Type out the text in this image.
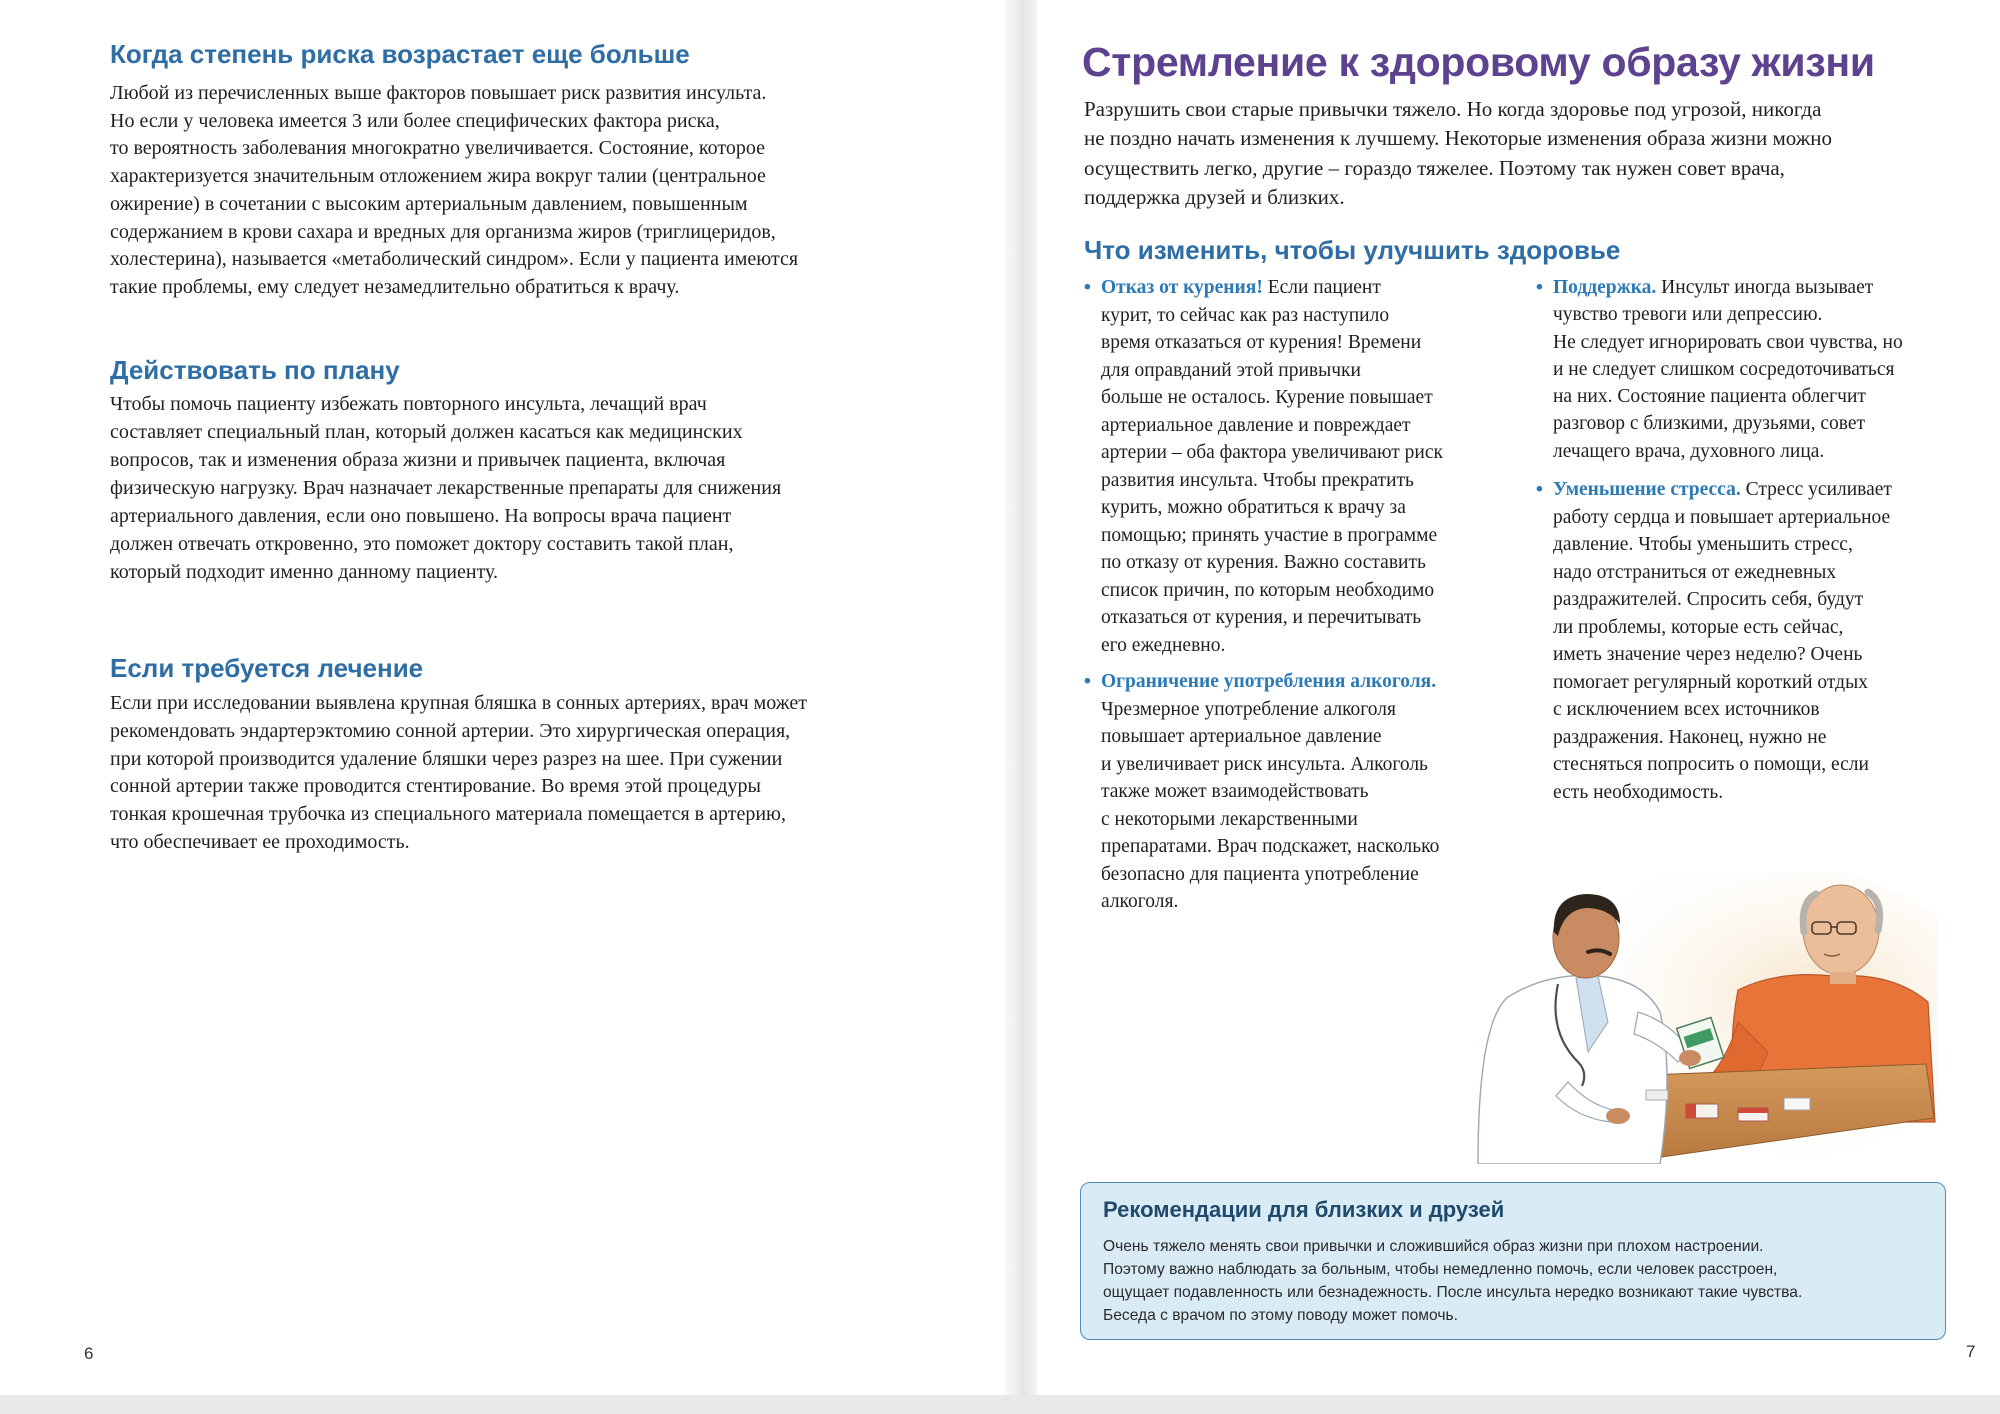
Когда степень риска возрастает еще больше
Любой из перечисленных выше факторов повышает риск развития инсульта.
Но если у человека имеется 3 или более специфических фактора риска,
то вероятность заболевания многократно увеличивается. Состояние, которое
характеризуется значительным отложением жира вокруг талии (центральное
ожирение) в сочетании с высоким артериальным давлением, повышенным
содержанием в крови сахара и вредных для организма жиров (триглицеридов,
холестерина), называется «метаболический синдром». Если у пациента имеются
такие проблемы, ему следует незамедлительно обратиться к врачу.
Действовать по плану
Чтобы помочь пациенту избежать повторного инсульта, лечащий врач
составляет специальный план, который должен касаться как медицинских
вопросов, так и изменения образа жизни и привычек пациента, включая
физическую нагрузку. Врач назначает лекарственные препараты для снижения
артериального давления, если оно повышено. На вопросы врача пациент
должен отвечать откровенно, это поможет доктору составить такой план,
который подходит именно данному пациенту.
Если требуется лечение
Если при исследовании выявлена крупная бляшка в сонных артериях, врач может
рекомендовать эндартерэктомию сонной артерии. Это хирургическая операция,
при которой производится удаление бляшки через разрез на шее. При сужении
сонной артерии также проводится стентирование. Во время этой процедуры
тонкая крошечная трубочка из специального материала помещается в артерию,
что обеспечивает ее проходимость.
6
Стремление к здоровому образу жизни
Разрушить свои старые привычки тяжело. Но когда здоровье под угрозой, никогда
не поздно начать изменения к лучшему. Некоторые изменения образа жизни можно
осуществить легко, другие – гораздо тяжелее. Поэтому так нужен совет врача,
поддержка друзей и близких.
Что изменить, чтобы улучшить здоровье
• Отказ от курения! Если пациент
курит, то сейчас как раз наступило
время отказаться от курения! Времени
для оправданий этой привычки
больше не осталось. Курение повышает
артериальное давление и повреждает
артерии – оба фактора увеличивают риск
развития инсульта. Чтобы прекратить
курить, можно обратиться к врачу за
помощью; принять участие в программе
по отказу от курения. Важно составить
список причин, по которым необходимо
отказаться от курения, и перечитывать
его ежедневно.
• Ограничение употребления алкоголя.
Чрезмерное употребление алкоголя
повышает артериальное давление
и увеличивает риск инсульта. Алкоголь
также может взаимодействовать
с некоторыми лекарственными
препаратами. Врач подскажет, насколько
безопасно для пациента употребление
алкоголя.
• Поддержка. Инсульт иногда вызывает
чувство тревоги или депрессию.
Не следует игнорировать свои чувства, но
и не следует слишком сосредоточиваться
на них. Состояние пациента облегчит
разговор с близкими, друзьями, совет
лечащего врача, духовного лица.
• Уменьшение стресса. Стресс усиливает
работу сердца и повышает артериальное
давление. Чтобы уменьшить стресс,
надо отстраниться от ежедневных
раздражителей. Спросить себя, будут
ли проблемы, которые есть сейчас,
иметь значение через неделю? Очень
помогает регулярный короткий отдых
с исключением всех источников
раздражения. Наконец, нужно не
стесняться попросить о помощи, если
есть необходимость.
Рекомендации для близких и друзей
Очень тяжело менять свои привычки и сложившийся образ жизни при плохом настроении.
Поэтому важно наблюдать за больным, чтобы немедленно помочь, если человек расстроен,
ощущает подавленность или безнадежность. После инсульта нередко возникают такие чувства.
Беседа с врачом по этому поводу может помочь.
7
